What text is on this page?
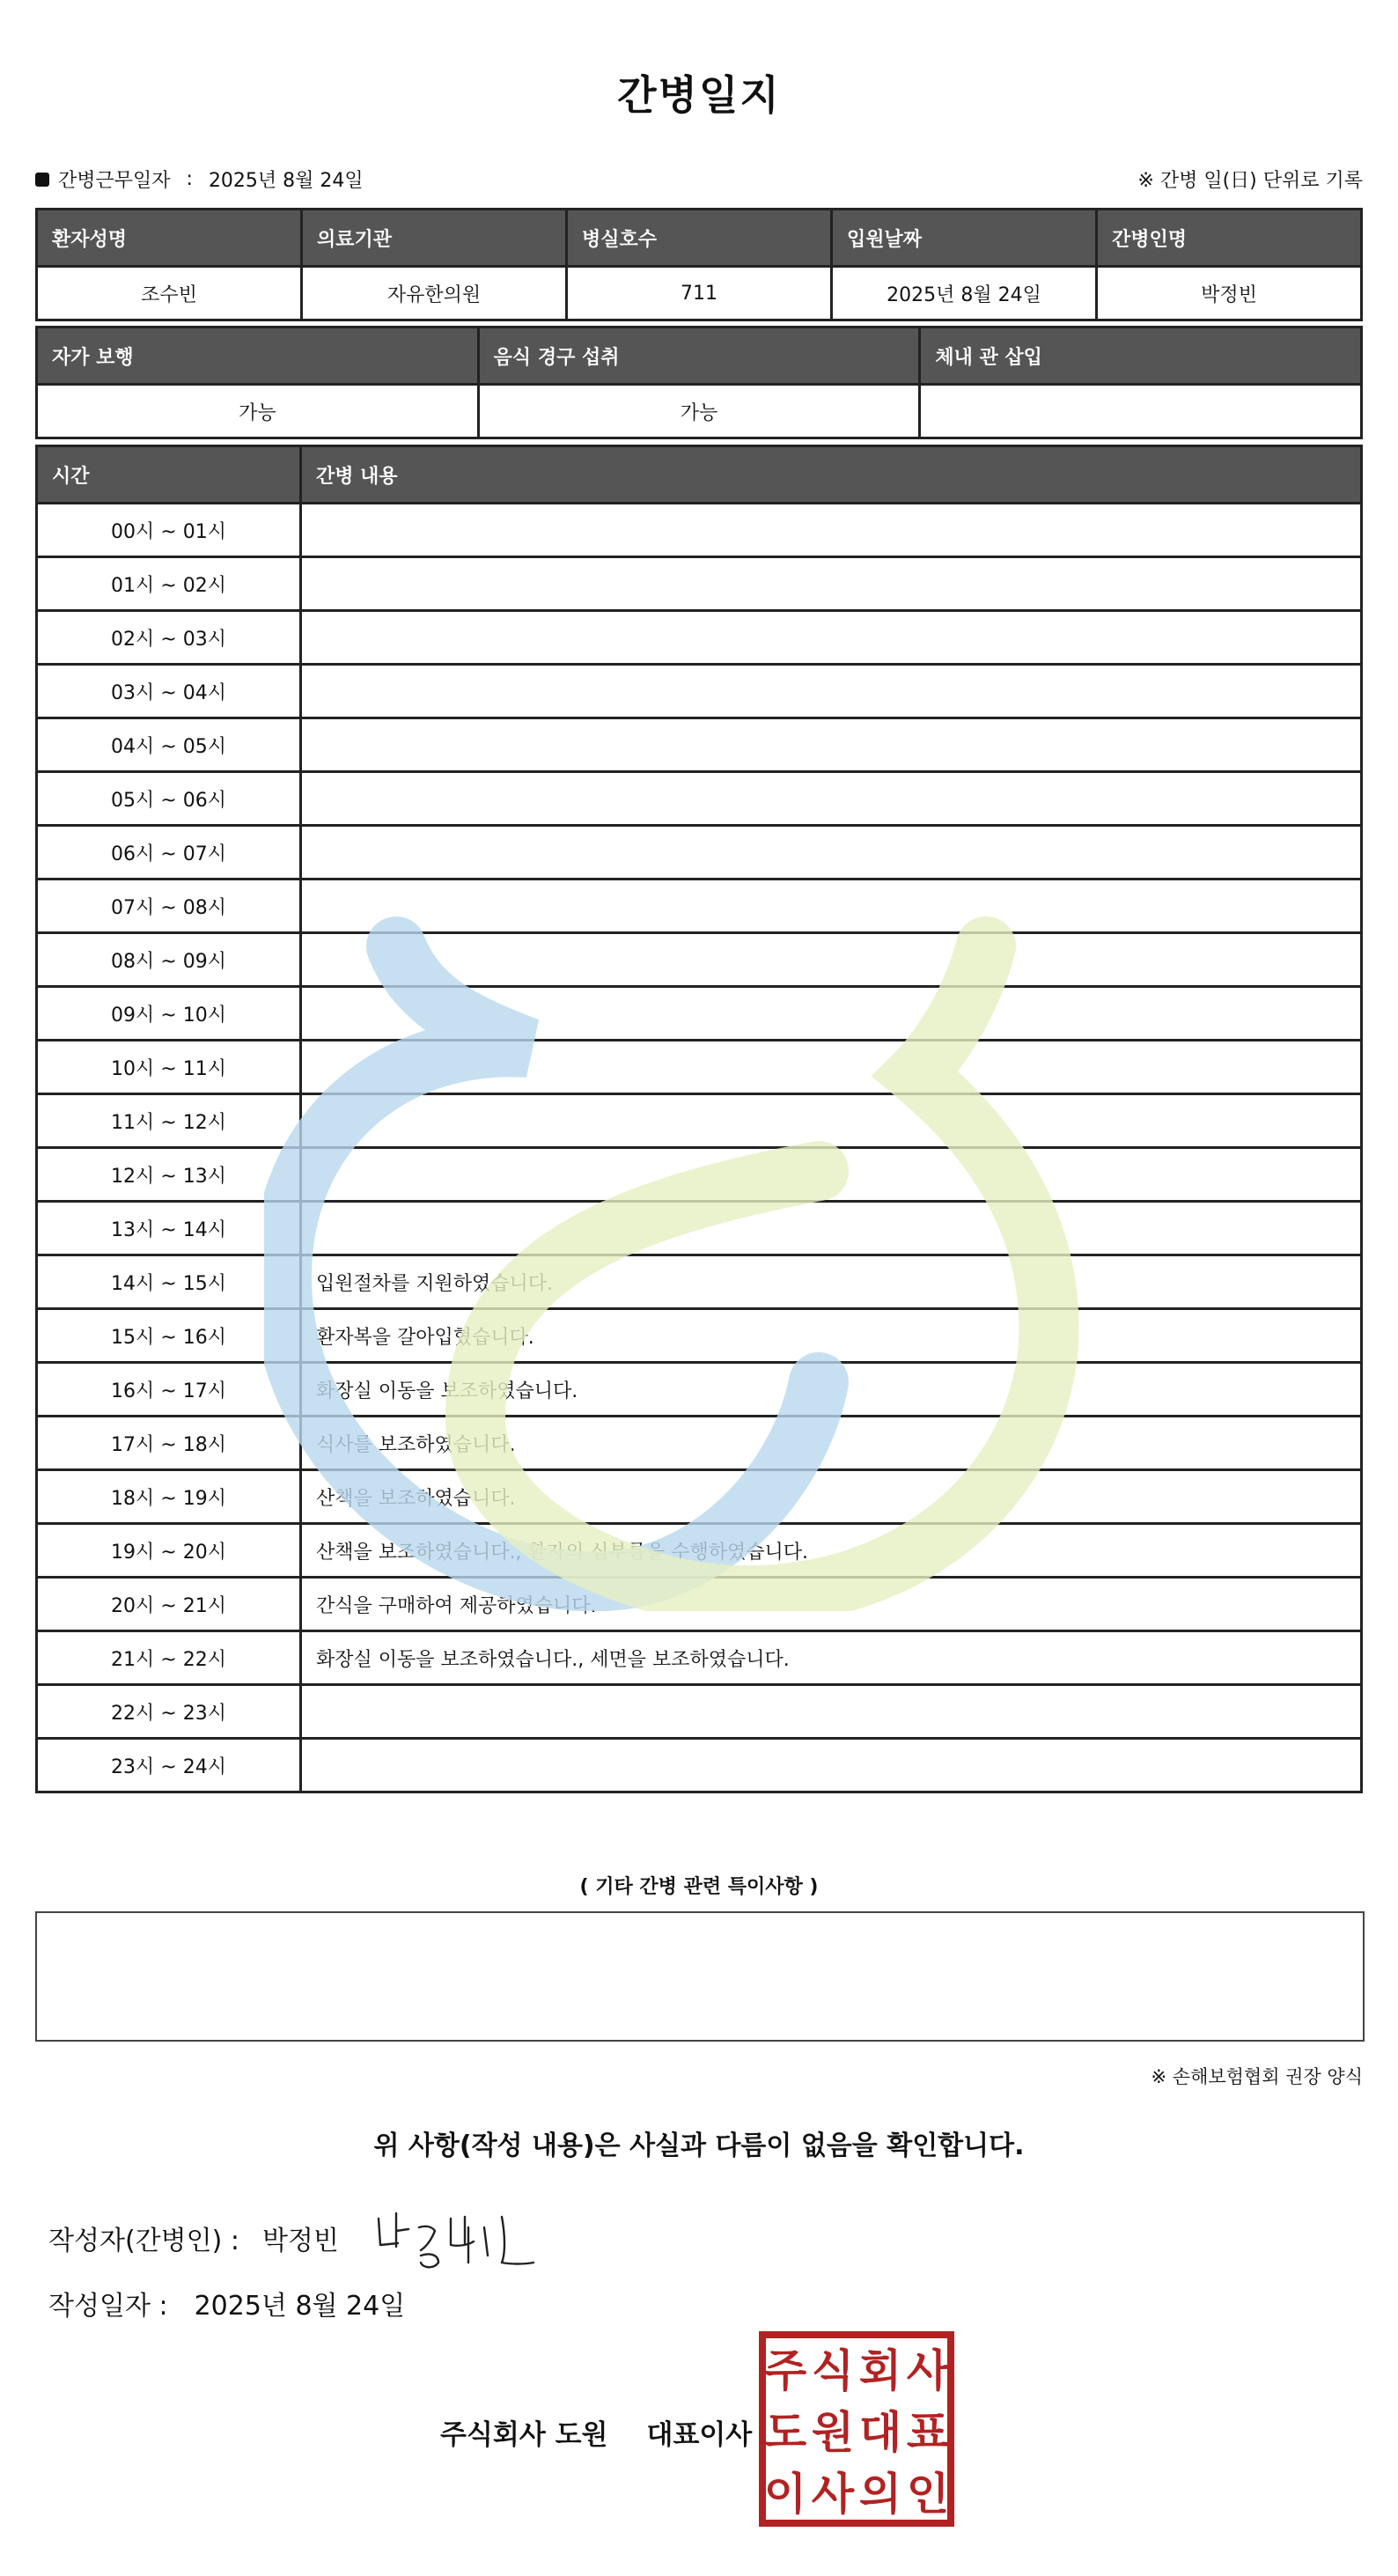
간병일지
간병근무일자 : 2025년 8월 24일	※ 간병 일(日) 단위로 기록
환자성명	의료기관	병실호수	입원날짜	간병인명
조수빈	자유한의원	711	2025년 8월 24일	박정빈
자가 보행	음식 경구 섭취	체내 관 삽입
가능	가능	
시간	간병 내용
00시 ~ 01시	
01시 ~ 02시	
02시 ~ 03시	
03시 ~ 04시	
04시 ~ 05시	
05시 ~ 06시	
06시 ~ 07시	
07시 ~ 08시	
08시 ~ 09시	
09시 ~ 10시	
10시 ~ 11시	
11시 ~ 12시	
12시 ~ 13시	
13시 ~ 14시	
14시 ~ 15시	입원절차를 지원하였습니다.
15시 ~ 16시	환자복을 갈아입혔습니다.
16시 ~ 17시	화장실 이동을 보조하였습니다.
17시 ~ 18시	식사를 보조하였습니다.
18시 ~ 19시	산책을 보조하였습니다.
19시 ~ 20시	산책을 보조하였습니다., 환자의 심부름을 수행하였습니다.
20시 ~ 21시	간식을 구매하여 제공하였습니다.
21시 ~ 22시	화장실 이동을 보조하였습니다., 세면을 보조하였습니다.
22시 ~ 23시	
23시 ~ 24시	
( 기타 간병 관련 특이사항 )
※ 손해보험협회 권장 양식
위 사항(작성 내용)은 사실과 다름이 없음을 확인합니다.
작성자(간병인) : 박정빈
작성일자 : 2025년 8월 24일
주식회사 도원 대표이사
주 식 회 사
도 원 대 표
이 사 의 인
